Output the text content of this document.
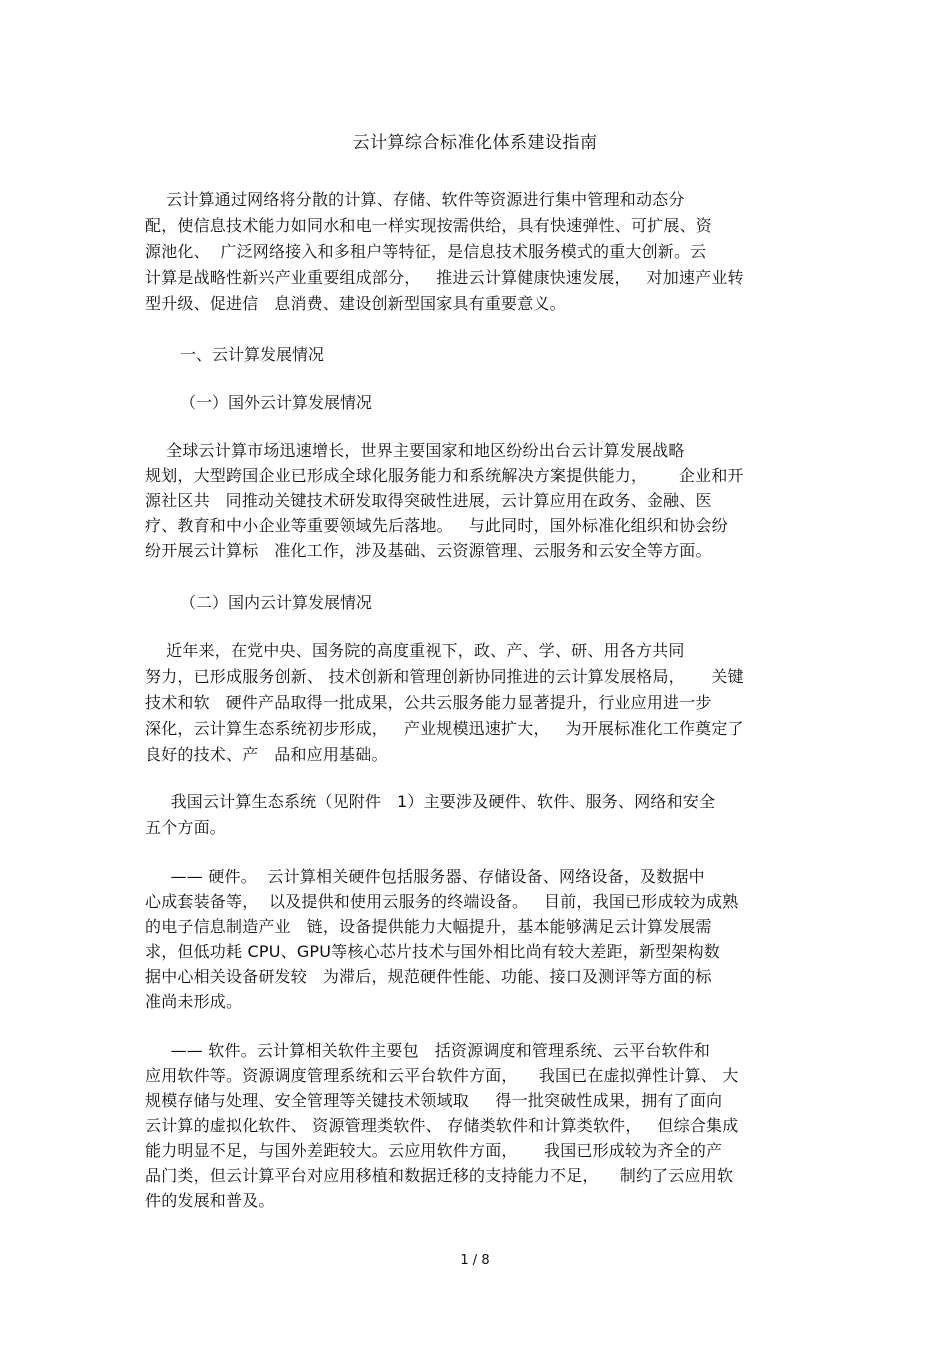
云计算综合标准化体系建设指南
云计算通过网络将分散的计算、存储、软件等资源进行集中管理和动态分
配，使信息技术能力如同水和电一样实现按需供给，具有快速弹性、可扩展、资
源池化、  广泛网络接入和多租户等特征，是信息技术服务模式的重大创新。云
计算是战略性新兴产业重要组成部分，   推进云计算健康快速发展，   对加速产业转
型升级、促进信   息消费、建设创新型国家具有重要意义。
一、云计算发展情况
（一）国外云计算发展情况
全球云计算市场迅速增长，世界主要国家和地区纷纷出台云计算发展战略
规划，大型跨国企业已形成全球化服务能力和系统解决方案提供能力，      企业和开
源社区共   同推动关键技术研发取得突破性进展，云计算应用在政务、金融、医
疗、教育和中小企业等重要领域先后落地。   与此同时，国外标准化组织和协会纷
纷开展云计算标   准化工作，涉及基础、云资源管理、云服务和云安全等方面。
（二）国内云计算发展情况
近年来，在党中央、国务院的高度重视下，政、产、学、研、用各方共同
努力，已形成服务创新、 技术创新和管理创新协同推进的云计算发展格局，     关键
技术和软   硬件产品取得一批成果，公共云服务能力显著提升，行业应用进一步
深化，云计算生态系统初步形成，   产业规模迅速扩大，   为开展标准化工作奠定了
良好的技术、产   品和应用基础。
我国云计算生态系统（见附件   1）主要涉及硬件、软件、服务、网络和安全
五个方面。
—— 硬件。  云计算相关硬件包括服务器、存储设备、网络设备，及数据中
心成套装备等，  以及提供和使用云服务的终端设备。   目前，我国已形成较为成熟
的电子信息制造产业   链，设备提供能力大幅提升，基本能够满足云计算发展需
求，但低功耗 CPU、GPU等核心芯片技术与国外相比尚有较大差距，新型架构数
据中心相关设备研发较   为滞后，规范硬件性能、功能、接口及测评等方面的标
准尚未形成。
—— 软件。云计算相关软件主要包   括资源调度和管理系统、云平台软件和
应用软件等。资源调度管理系统和云平台软件方面，    我国已在虚拟弹性计算、 大
规模存储与处理、安全管理等关键技术领域取     得一批突破性成果，拥有了面向
云计算的虚拟化软件、 资源管理类软件、 存储类软件和计算类软件，   但综合集成
能力明显不足，与国外差距较大。云应用软件方面，     我国已形成较为齐全的产
品门类，但云计算平台对应用移植和数据迁移的支持能力不足，    制约了云应用软
件的发展和普及。
1 / 8
